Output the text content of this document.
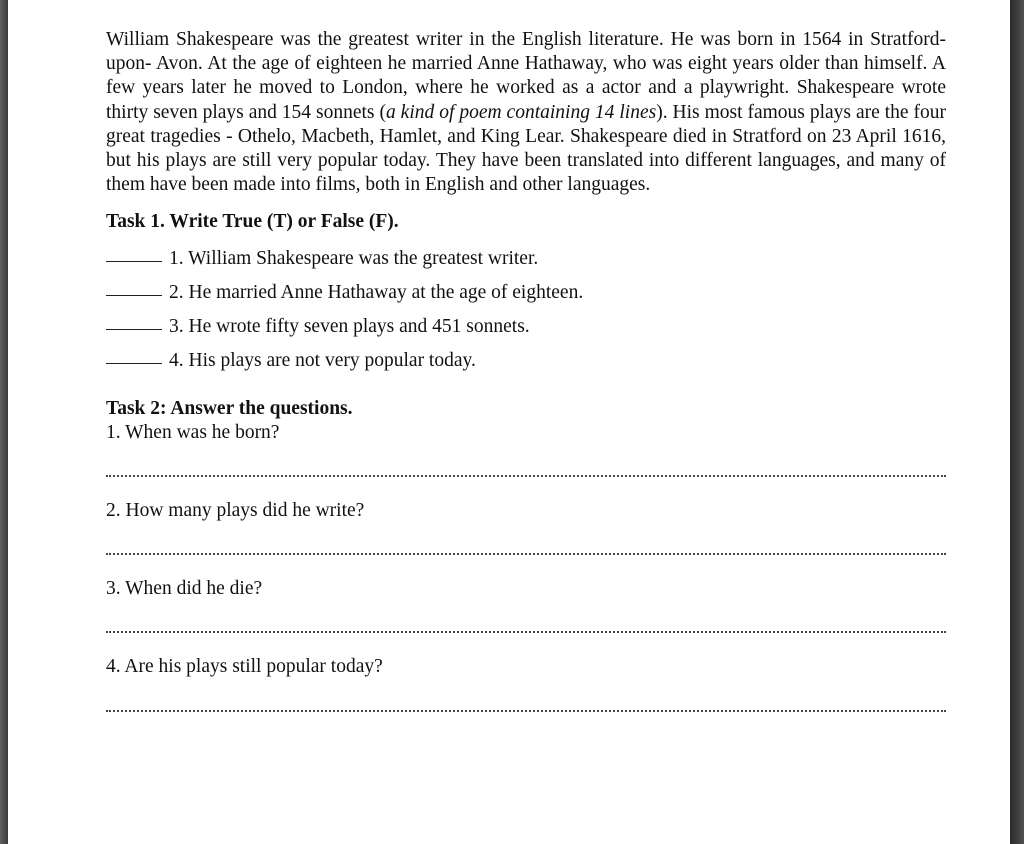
William Shakespeare was the greatest writer in the English literature. He was born in 1564 in Stratford- upon- Avon. At the age of eighteen he married Anne Hathaway, who was eight years older than himself. A few years later he moved to London, where he worked as a actor and a playwright. Shakespeare wrote thirty seven plays and 154 sonnets (a kind of poem containing 14 lines). His most famous plays are the four great tragedies - Othelo, Macbeth, Hamlet, and King Lear. Shakespeare died in Stratford on 23 April 1616, but his plays are still very popular today. They have been translated into different languages, and many of them have been made into films, both in English and other languages.

Task 1. Write True (T) or False (F).

1. William Shakespeare was the greatest writer.
2. He married Anne Hathaway at the age of eighteen.
3. He wrote fifty seven plays and 451 sonnets.
4. His plays are not very popular today.

Task 2: Answer the questions.

1. When was he born?

2. How many plays did he write?

3. When did he die?

4. Are his plays still popular today?
